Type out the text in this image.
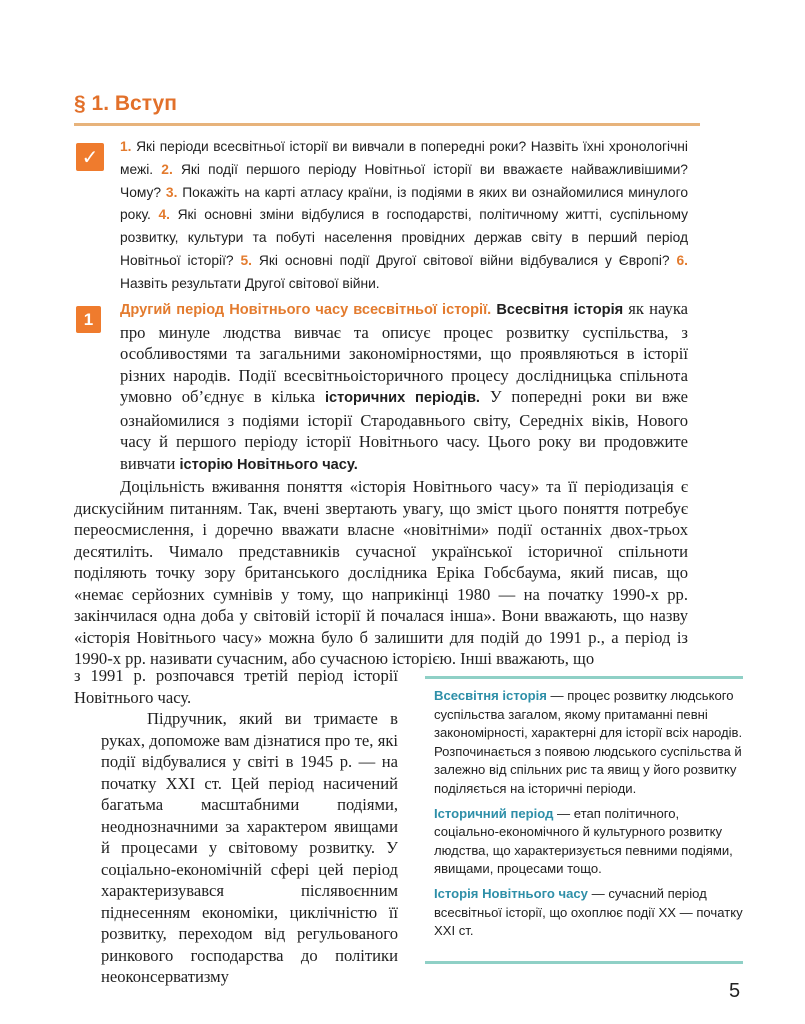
§ 1. Вступ
✓	1. Які періоди всесвітньої історії ви вивчали в попередні роки? Назвіть їхні хронологічні межі. 2. Які події першого періоду Новітньої історії ви вважаєте найважливішими? Чому? 3. Покажіть на карті атласу країни, із подіями в яких ви ознайомилися минулого року. 4. Які основні зміни відбулися в господарстві, політичному житті, суспільному розвитку, культури та побуті населення провідних держав світу в перший період Новітньої історії? 5. Які основні події Другої світової війни відбувалися у Європі? 6. Назвіть результати Другої світової війни.

1	Другий період Новітнього часу всесвітньої історії. Всесвітня історія як наука про минуле людства вивчає та описує процес розвитку суспільства, з особливостями та загальними закономірностями, що проявляються в історії різних народів. Події всесвітньоісторичного процесу дослідницька спільнота умовно об’єднує в кілька історичних періодів. У попередні роки ви вже ознайомилися з подіями історії Стародавнього світу, Середніх віків, Нового часу й першого періоду історії Новітнього часу. Цього року ви продовжите вивчати історію Новітнього часу.

Доцільність вживання поняття «історія Новітнього часу» та її періодизація є дискусійним питанням. Так, вчені звертають увагу, що зміст цього поняття потребує переосмислення, і доречно вважати власне «новітніми» події останніх двох-трьох десятиліть. Чимало представників сучасної української історичної спільноти поділяють точку зору британського дослідника Еріка Гобсбаума, який писав, що «немає серйозних сумнівів у тому, що наприкінці 1980 — на початку 1990-х рр. закінчилася одна доба у світовій історії й почалася інша». Вони вважають, що назву «історія Новітнього часу» можна було б залишити для подій до 1991 р., а період із 1990-х рр. називати сучасним, або сучасною історією. Інші вважають, що

з 1991 р. розпочався третій період історії Новітнього часу.

Підручник, який ви тримаєте в руках, допоможе вам дізнатися про те, які події відбувалися у світі в 1945 р. — на початку XXI ст. Цей період насичений багатьма масштабними подіями, неоднозначними за характером явищами й процесами у світовому розвитку. У соціально-економічній сфері цей період характеризувався післявоєнним піднесенням економіки, циклічністю її розвитку, переходом від регульованого ринкового господарства до політики неоконсерватизму

Всесвітня історія — процес розвитку людського суспільства загалом, якому притаманні певні закономірності, характерні для історії всіх народів. Розпочинається з появою людського суспільства й залежно від спільних рис та явищ у його розвитку поділяється на історичні періоди.

Історичний період — етап політичного, соціально-економічного й культурного розвитку людства, що характеризується певними подіями, явищами, процесами тощо.

Історія Новітнього часу — сучасний період всесвітньої історії, що охоплює події XX — початку XXI ст.

5
